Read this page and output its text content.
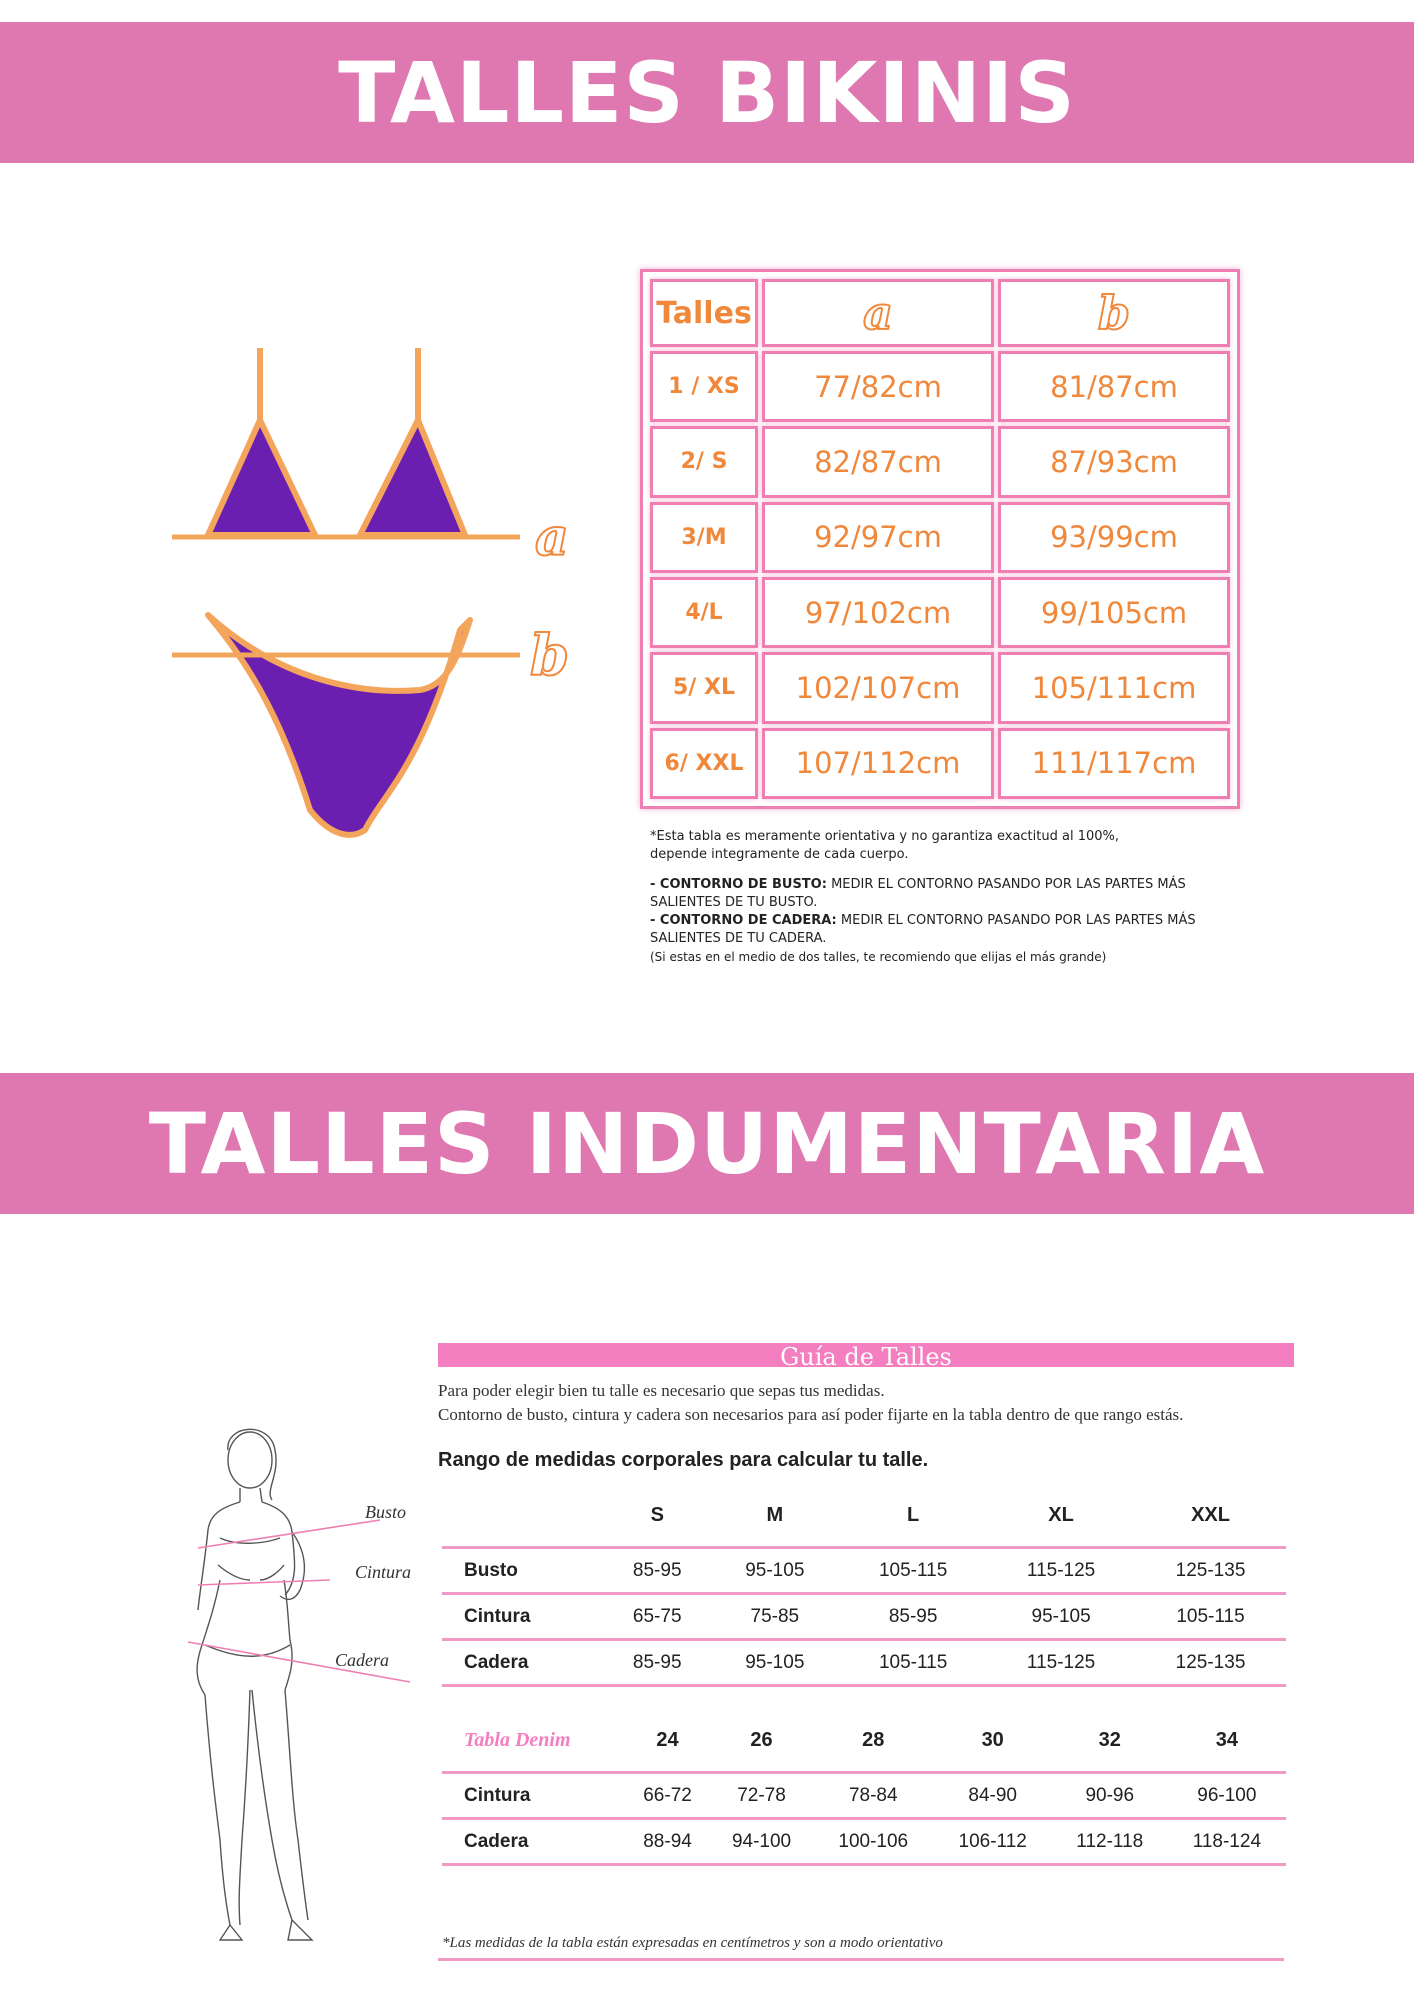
TALLES BIKINIS
a
b
Talles	a	b
1 / XS	77/82cm	81/87cm
2/ S	82/87cm	87/93cm
3/M	92/97cm	93/99cm
4/L	97/102cm	99/105cm
5/ XL	102/107cm	105/111cm
6/ XXL	107/112cm	111/117cm

*Esta tabla es meramente orientativa y no garantiza exactitud al 100%,

depende integramente de cada cuerpo.

- CONTORNO DE BUSTO: MEDIR EL CONTORNO PASANDO POR LAS PARTES MÁS

SALIENTES DE TU BUSTO.

- CONTORNO DE CADERA: MEDIR EL CONTORNO PASANDO POR LAS PARTES MÁS

SALIENTES DE TU CADERA.

(Si estas en el medio de dos talles, te recomiendo que elijas el más grande)

TALLES INDUMENTARIA
Busto
Cintura
Cadera
Guía de Talles

Para poder elegir bien tu talle es necesario que sepas tus medidas.

Contorno de busto, cintura y cadera son necesarios para así poder fijarte en la tabla dentro de que rango estás.

Rango de medidas corporales para calcular tu talle.
	S	M	L	XL	XXL
Busto	85-95	95-105	105-115	115-125	125-135
Cintura	65-75	75-85	85-95	95-105	105-115
Cadera	85-95	95-105	105-115	115-125	125-135
Tabla Denim	24	26	28	30	32	34
Cintura	66-72	72-78	78-84	84-90	90-96	96-100
Cadera	88-94	94-100	100-106	106-112	112-118	118-124
*Las medidas de la tabla están expresadas en centímetros y son a modo orientativo
